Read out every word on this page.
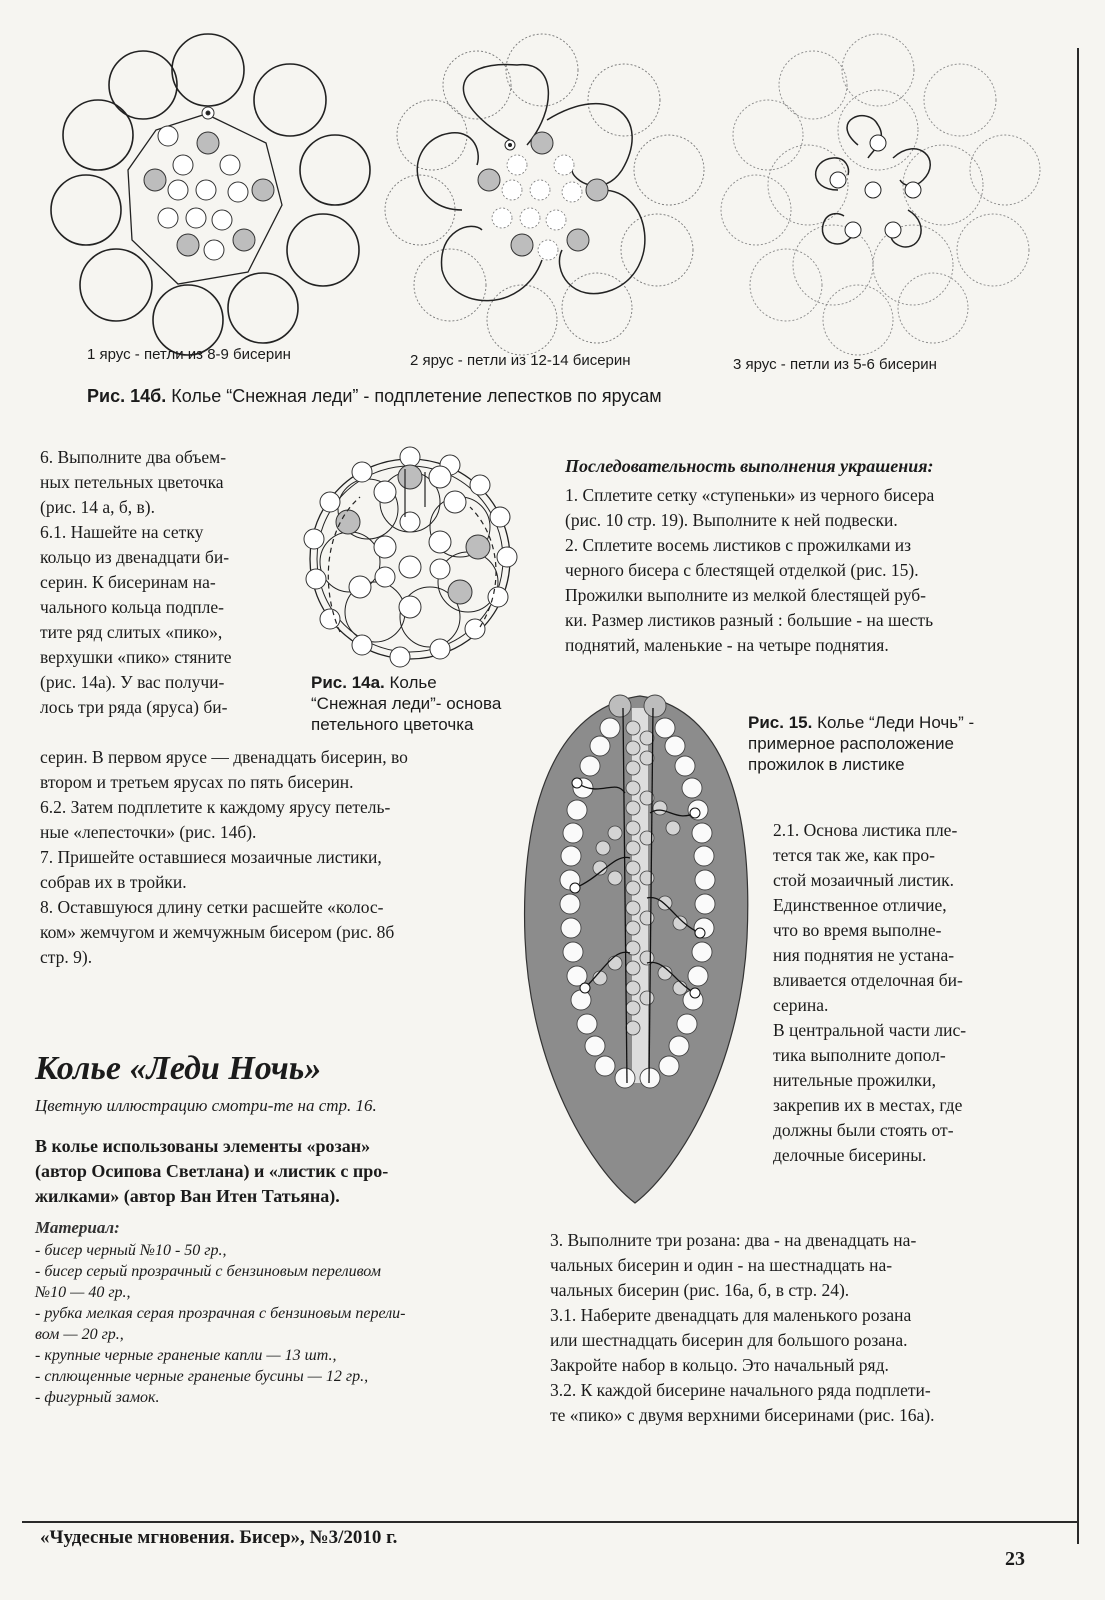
1 ярус - петли из 8-9 бисерин	2 ярус - петли из 12-14 бисерин	3 ярус - петли из 5-6 бисерин
Рис. 14б. Колье “Снежная леди” - подплетение лепестков по ярусам

6. Выполните два объем-

ных петельных цветочка

(рис. 14 а, б, в).

6.1. Нашейте на сетку

кольцо из двенадцати би-

серин. К бисеринам на-

чального кольца подпле-

тите ряд слитых «пико»,

верхушки «пико» стяните

(рис. 14а). У вас получи-

лось три ряда (яруса) би-

Рис. 14а. Колье
“Снежная леди”- основа
петельного цветочка

серин. В первом ярусе — двенадцать бисерин, во

втором и третьем ярусах по пять бисерин.

6.2. Затем подплетите к каждому ярусу петель-

ные «лепесточки» (рис. 14б).

7. Пришейте оставшиеся мозаичные листики,

собрав их в тройки.

8. Оставшуюся длину сетки расшейте «колос-

ком» жемчугом и жемчужным бисером (рис. 8б

стр. 9).

Колье «Леди Ночь»
Цветную иллюстрацию смотри-те на стр. 16.
В колье использованы элементы «розан»
(автор Осипова Светлана) и «листик с про-
жилками» (автор Ван Итен Татьяна).
Материал:

- бисер черный №10 - 50 гр.,

- бисер серый прозрачный с бензиновым переливом

№10 — 40 гр.,

- рубка мелкая серая прозрачная с бензиновым перели-

вом — 20 гр.,

- крупные черные граненые капли — 13 шт.,

- сплющенные черные граненые бусины — 12 гр.,

- фигурный замок.

Последовательность выполнения украшения:

1. Сплетите сетку «ступеньки» из черного бисера

(рис. 10 стр. 19). Выполните к ней подвески.

2. Сплетите восемь листиков с прожилками из

черного бисера с блестящей отделкой (рис. 15).

Прожилки выполните из мелкой блестящей руб-

ки. Размер листиков разный : большие - на шесть

поднятий, маленькие - на четыре поднятия.

Рис. 15. Колье “Леди Ночь” -
примерное расположение
прожилок в листике

2.1. Основа листика пле-

тется так же, как про-

стой мозаичный листик.

Единственное отличие,

что во время выполне-

ния поднятия не устана-

вливается отделочная би-

серина.

В центральной части лис-

тика выполните допол-

нительные прожилки,

закрепив их в местах, где

должны были стоять от-

делочные бисерины.

3. Выполните три розана: два - на двенадцать на-

чальных бисерин и один - на шестнадцать на-

чальных бисерин (рис. 16а, б, в стр. 24).

3.1. Наберите двенадцать для маленького розана

или шестнадцать бисерин для большого розана.

Закройте набор в кольцо. Это начальный ряд.

3.2. К каждой бисерине начального ряда подплети-

те «пико» с двумя верхними бисеринами (рис. 16а).

«Чудесные мгновения. Бисер», №3/2010 г.
23
